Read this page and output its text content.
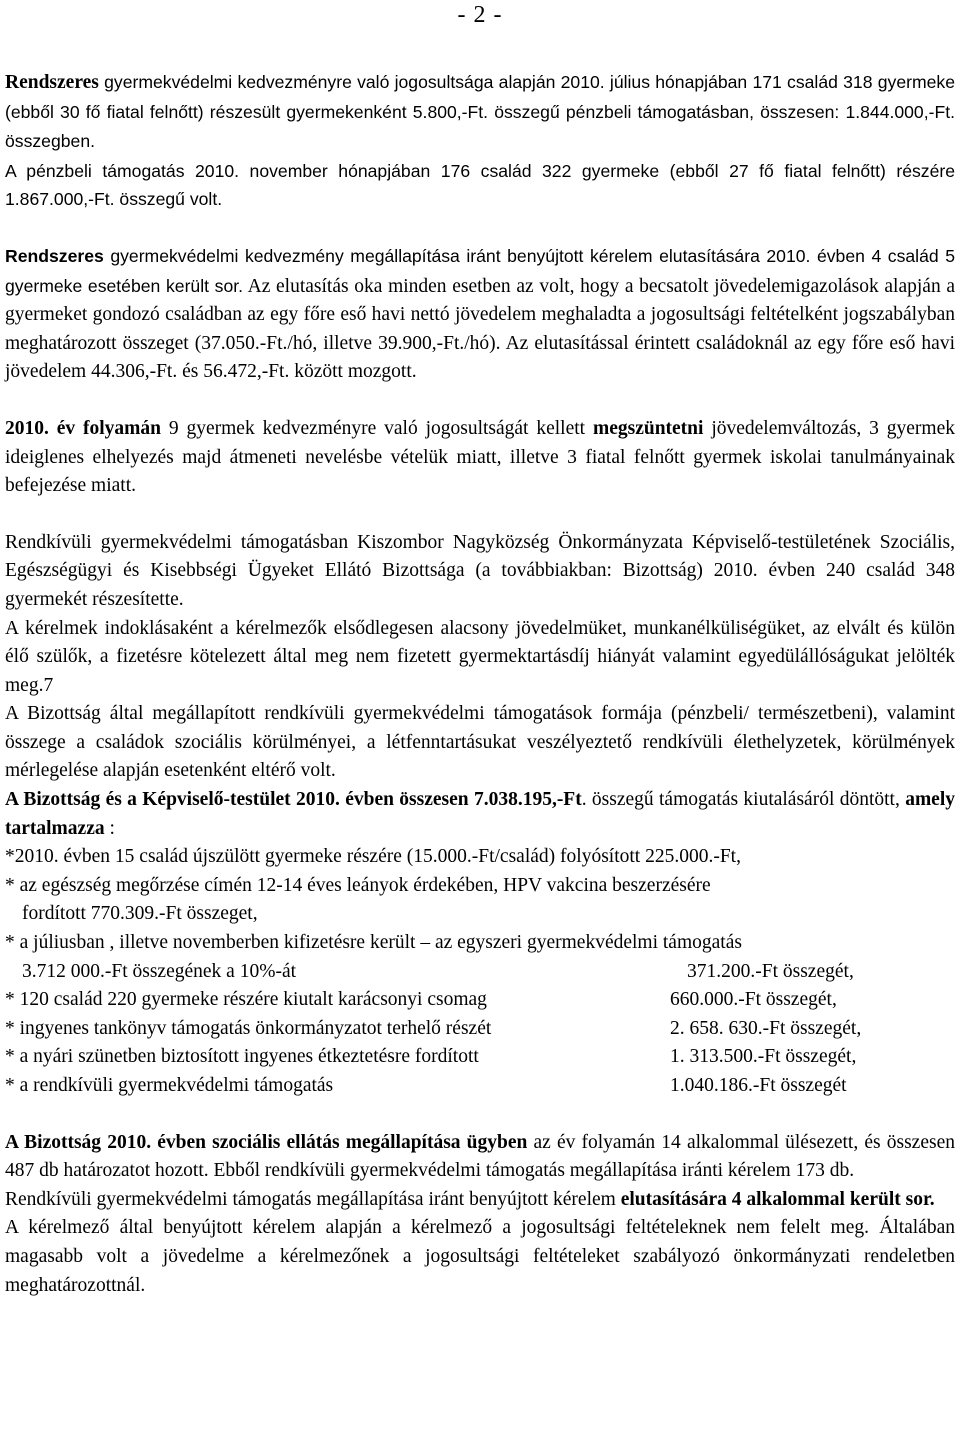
- 2 -

Rendszeres gyermekvédelmi kedvezményre való jogosultsága alapján 2010. július hónapjában 171 család 318 gyermeke (ebből 30 fő fiatal felnőtt) részesült gyermekenként 5.800,-Ft. összegű pénzbeli támogatásban, összesen: 1.844.000,-Ft. összegben.

A pénzbeli támogatás 2010. november hónapjában 176 család 322 gyermeke (ebből 27 fő fiatal felnőtt) részére 1.867.000,-Ft. összegű volt.

Rendszeres gyermekvédelmi kedvezmény megállapítása iránt benyújtott kérelem elutasítására 2010. évben 4 család 5 gyermeke esetében került sor. Az elutasítás oka minden esetben az volt, hogy a becsatolt jövedelemigazolások alapján a gyermeket gondozó családban az egy főre eső havi nettó jövedelem meghaladta a jogosultsági feltételként jogszabályban meghatározott összeget (37.050.-Ft./hó, illetve 39.900,-Ft./hó). Az elutasítással érintett családoknál az egy főre eső havi jövedelem 44.306,-Ft. és 56.472,-Ft. között mozgott.

2010. év folyamán 9 gyermek kedvezményre való jogosultságát kellett megszüntetni jövedelemváltozás, 3 gyermek ideiglenes elhelyezés majd átmeneti nevelésbe vételük miatt, illetve 3 fiatal felnőtt gyermek iskolai tanulmányainak befejezése miatt.

Rendkívüli gyermekvédelmi támogatásban Kiszombor Nagyközség Önkormányzata Képviselő-testületének Szociális, Egészségügyi és Kisebbségi Ügyeket Ellátó Bizottsága (a továbbiakban: Bizottság) 2010. évben 240 család 348 gyermekét részesítette.

A kérelmek indoklásaként a kérelmezők elsődlegesen alacsony jövedelmüket, munkanélküliségüket, az elvált és külön élő szülők, a fizetésre kötelezett által meg nem fizetett gyermektartásdíj hiányát valamint egyedülállóságukat jelölték meg.7

A Bizottság által megállapított rendkívüli gyermekvédelmi támogatások formája (pénzbeli/ természetbeni), valamint összege a családok szociális körülményei, a létfenntartásukat veszélyeztető rendkívüli élethelyzetek, körülmények mérlegelése alapján esetenként eltérő volt.

A Bizottság és a Képviselő-testület 2010. évben összesen 7.038.195,-Ft. összegű támogatás kiutalásáról döntött, amely tartalmazza :

*2010. évben 15 család újszülött gyermeke részére (15.000.-Ft/család) folyósított 225.000.-Ft,

* az egészség megőrzése címén 12-14 éves leányok érdekében, HPV vakcina beszerzésére

fordított 770.309.-Ft összeget,

* a júliusban , illetve novemberben kifizetésre került – az egyszeri gyermekvédelmi támogatás

3.712 000.-Ft összegének a 10%-át	371.200.-Ft összegét,
* 120 család 220 gyermeke részére kiutalt karácsonyi csomag	660.000.-Ft összegét,
* ingyenes tankönyv támogatás önkormányzatot terhelő részét	2. 658. 630.-Ft összegét,
* a nyári szünetben biztosított ingyenes étkeztetésre fordított	1. 313.500.-Ft összegét,
* a rendkívüli gyermekvédelmi támogatás	1.040.186.-Ft összegét

A Bizottság 2010. évben szociális ellátás megállapítása ügyben az év folyamán 14 alkalommal ülésezett, és összesen 487 db határozatot hozott. Ebből rendkívüli gyermekvédelmi támogatás megállapítása iránti kérelem 173 db.

Rendkívüli gyermekvédelmi támogatás megállapítása iránt benyújtott kérelem elutasítására 4 alkalommal került sor.

A kérelmező által benyújtott kérelem alapján a kérelmező a jogosultsági feltételeknek nem felelt meg. Általában magasabb volt a jövedelme a kérelmezőnek a jogosultsági feltételeket szabályozó önkormányzati rendeletben meghatározottnál.
